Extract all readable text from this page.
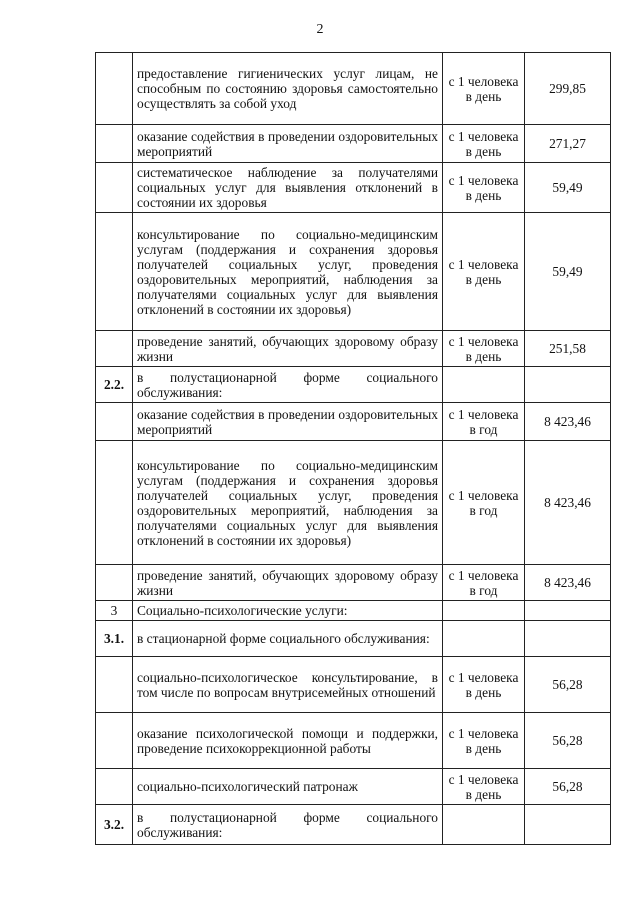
2
	предоставление гигиенических услуг лицам, не способным по состоянию здоровья самостоятельно осуществлять за собой уход	с 1 человека в день	299,85
	оказание содействия в проведении оздоровительных мероприятий	с 1 человека в день	271,27
	систематическое наблюдение за получателями социальных услуг для выявления отклонений в состоянии их здоровья	с 1 человека в день	59,49
	консультирование по социально-медицинским услугам (поддержания и сохранения здоровья получателей социальных услуг, проведения оздоровительных мероприятий, наблюдения за получателями социальных услуг для выявления отклонений в состоянии их здоровья)	с 1 человека в день	59,49
	проведение занятий, обучающих здоровому образу жизни	с 1 человека в день	251,58
2.2.	в полустационарной форме социального обслуживания:		
	оказание содействия в проведении оздоровительных мероприятий	с 1 человека в год	8 423,46
	консультирование по социально-медицинским услугам (поддержания и сохранения здоровья получателей социальных услуг, проведения оздоровительных мероприятий, наблюдения за получателями социальных услуг для выявления отклонений в состоянии их здоровья)	с 1 человека в год	8 423,46
	проведение занятий, обучающих здоровому образу жизни	с 1 человека в год	8 423,46
3	Социально-психологические услуги:		
3.1.	в стационарной форме социального обслуживания:		
	социально-психологическое консультирование, в том числе по вопросам внутрисемейных отношений	с 1 человека в день	56,28
	оказание психологической помощи и поддержки, проведение психокоррекционной работы	с 1 человека в день	56,28
	социально-психологический патронаж	с 1 человека в день	56,28
3.2.	в полустационарной форме социального обслуживания:		
